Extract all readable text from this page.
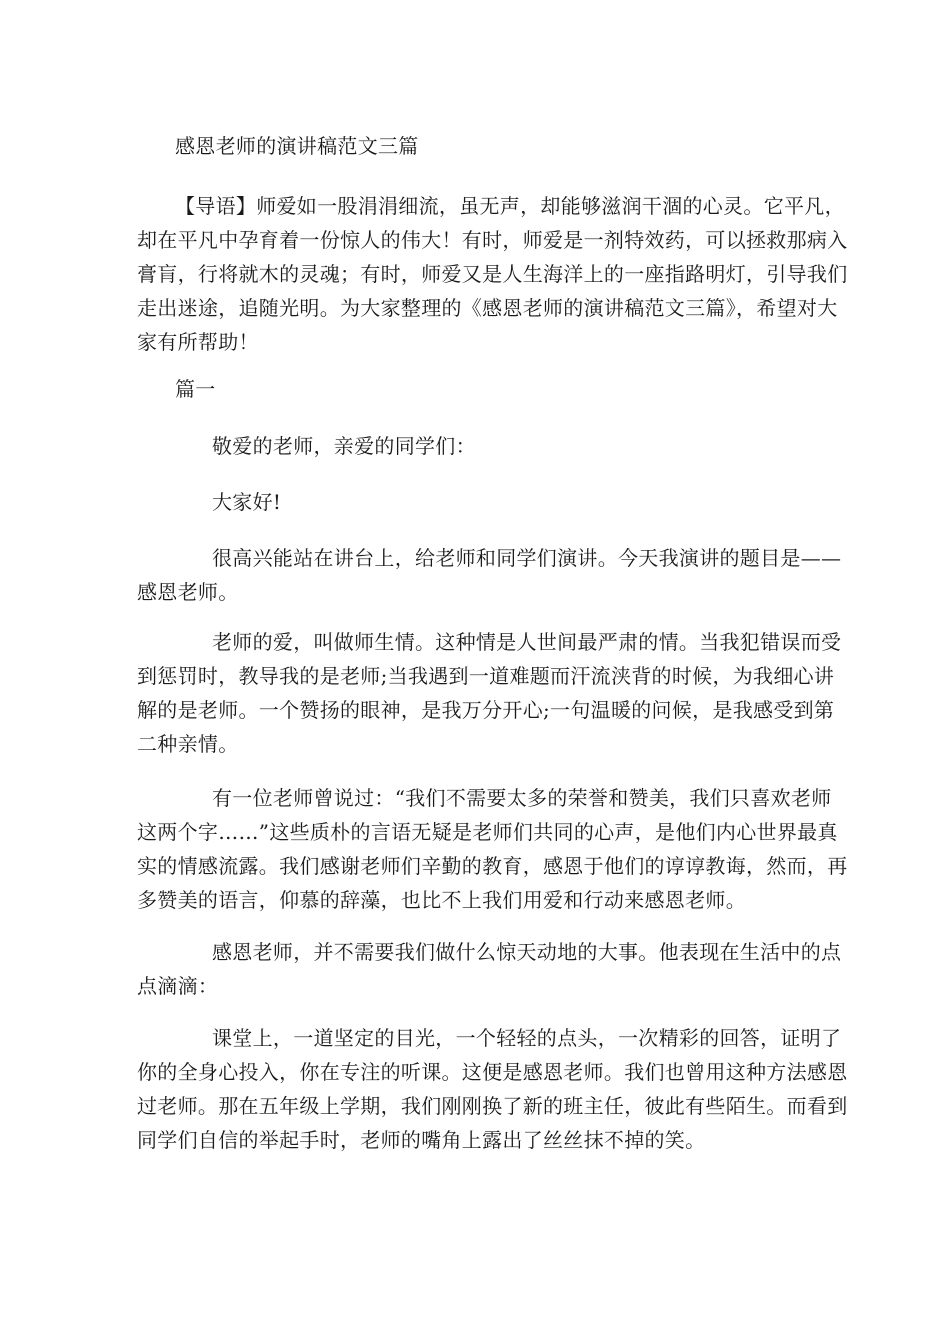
感恩老师的演讲稿范文三篇
【导语】师爱如一股涓涓细流，虽无声，却能够滋润干涸的心灵。它平凡，
却在平凡中孕育着一份惊人的伟大！有时，师爱是一剂特效药，可以拯救那病入
膏肓，行将就木的灵魂；有时，师爱又是人生海洋上的一座指路明灯，引导我们
走出迷途，追随光明。为大家整理的《感恩老师的演讲稿范文三篇》，希望对大
家有所帮助！
篇一
敬爱的老师，亲爱的同学们：
大家好!
很高兴能站在讲台上，给老师和同学们演讲。今天我演讲的题目是——
感恩老师。
老师的爱，叫做师生情。这种情是人世间最严肃的情。当我犯错误而受
到惩罚时，教导我的是老师;当我遇到一道难题而汗流浃背的时候，为我细心讲
解的是老师。一个赞扬的眼神，是我万分开心;一句温暖的问候，是我感受到第
二种亲情。
有一位老师曾说过：“我们不需要太多的荣誉和赞美，我们只喜欢老师
这两个字……”这些质朴的言语无疑是老师们共同的心声，是他们内心世界最真
实的情感流露。我们感谢老师们辛勤的教育，感恩于他们的谆谆教诲，然而，再
多赞美的语言，仰慕的辞藻，也比不上我们用爱和行动来感恩老师。
感恩老师，并不需要我们做什么惊天动地的大事。他表现在生活中的点
点滴滴：
课堂上，一道坚定的目光，一个轻轻的点头，一次精彩的回答，证明了
你的全身心投入，你在专注的听课。这便是感恩老师。我们也曾用这种方法感恩
过老师。那在五年级上学期，我们刚刚换了新的班主任，彼此有些陌生。而看到
同学们自信的举起手时，老师的嘴角上露出了丝丝抹不掉的笑。
